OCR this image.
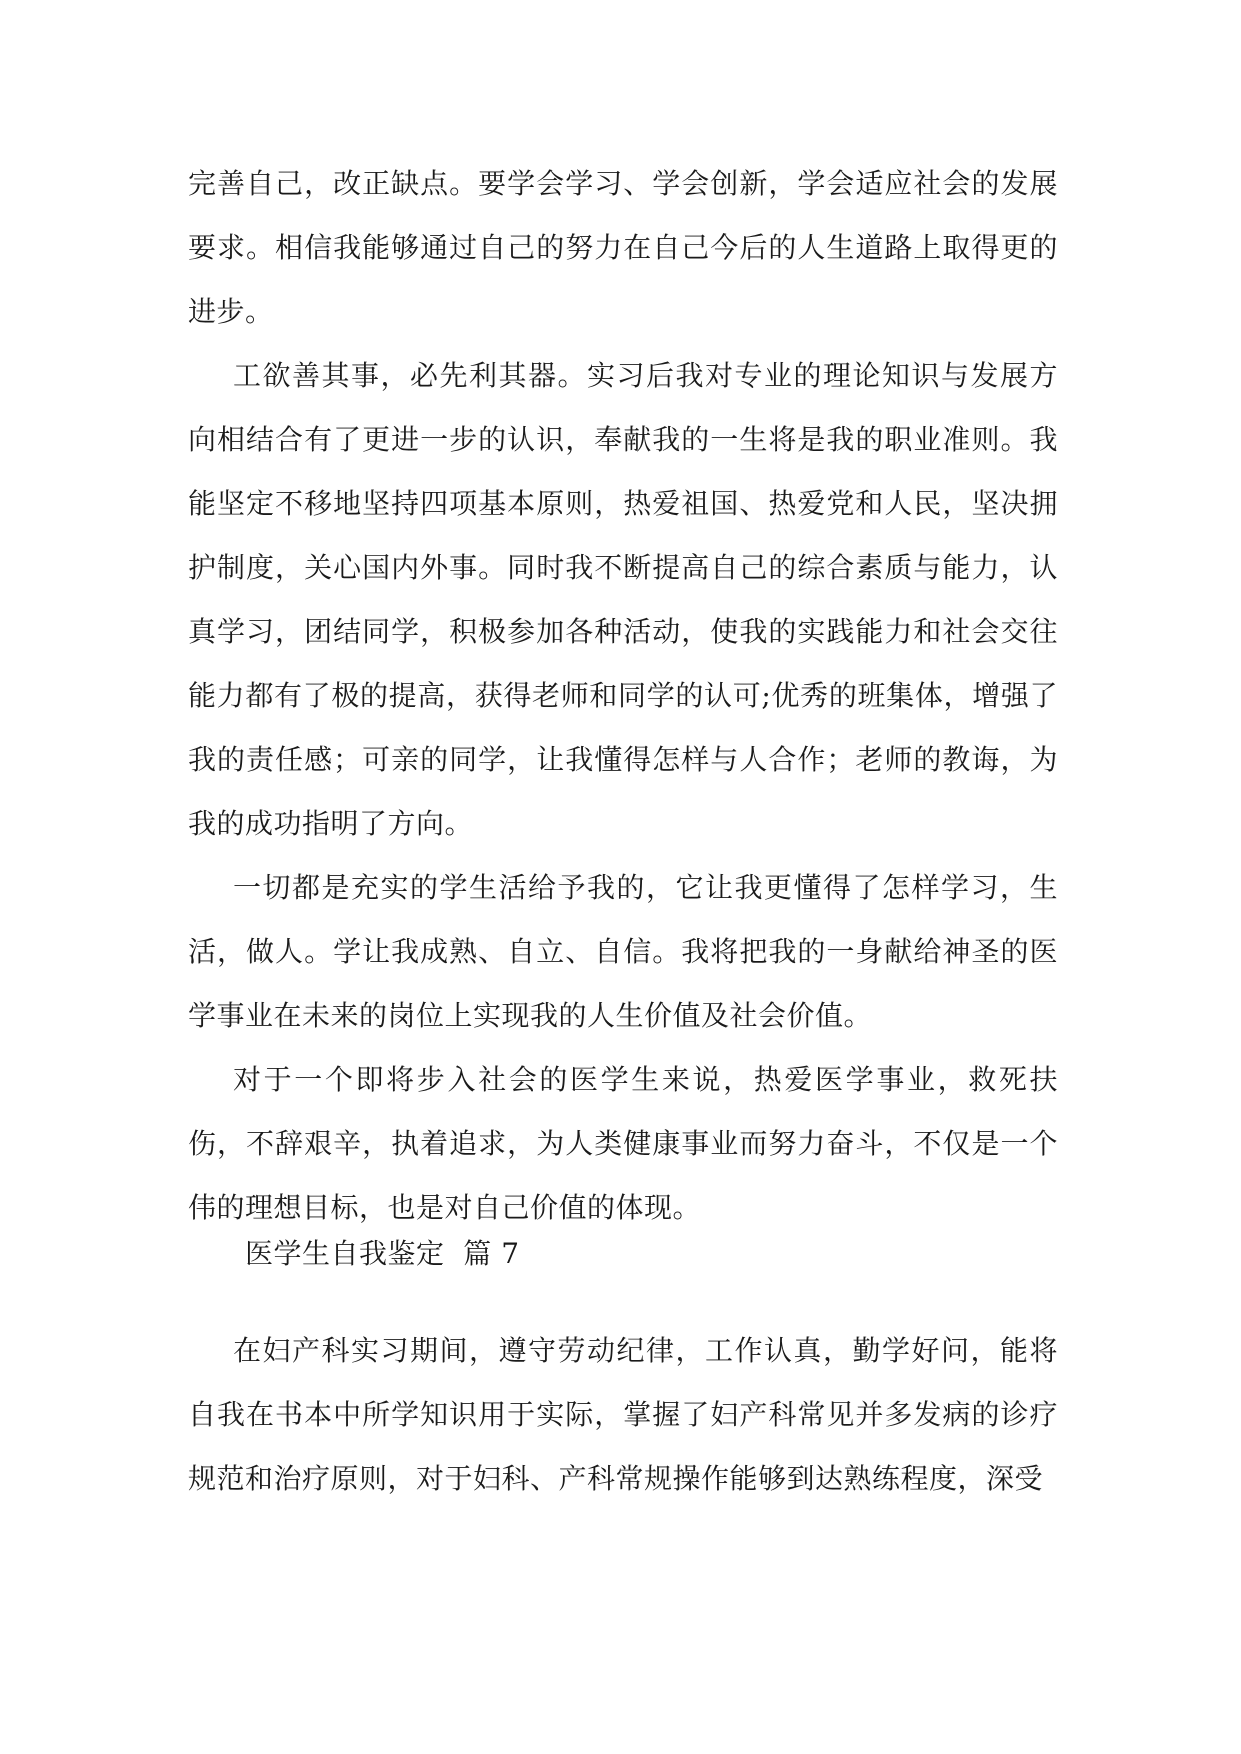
完善自己，改正缺点。要学会学习、学会创新，学会适应社会的发展要求。相信我能够通过自己的努力在自己今后的人生道路上取得更的进步。

工欲善其事，必先利其器。实习后我对专业的理论知识与发展方向相结合有了更进一步的认识，奉献我的一生将是我的职业准则。我能坚定不移地坚持四项基本原则，热爱祖国、热爱党和人民，坚决拥护制度，关心国内外事。同时我不断提高自己的综合素质与能力，认真学习，团结同学，积极参加各种活动，使我的实践能力和社会交往能力都有了极的提高，获得老师和同学的认可;优秀的班集体，增强了我的责任感；可亲的同学，让我懂得怎样与人合作；老师的教诲，为我的成功指明了方向。

一切都是充实的学生活给予我的，它让我更懂得了怎样学习，生活，做人。学让我成熟、自立、自信。我将把我的一身献给神圣的医学事业在未来的岗位上实现我的人生价值及社会价值。

对于一个即将步入社会的医学生来说，热爱医学事业，救死扶伤，不辞艰辛，执着追求，为人类健康事业而努力奋斗，不仅是一个伟的理想目标，也是对自己价值的体现。

医学生自我鉴定  篇 7

在妇产科实习期间，遵守劳动纪律，工作认真，勤学好问，能将自我在书本中所学知识用于实际，掌握了妇产科常见并多发病的诊疗规范和治疗原则，对于妇科、产科常规操作能够到达熟练程度，深受
